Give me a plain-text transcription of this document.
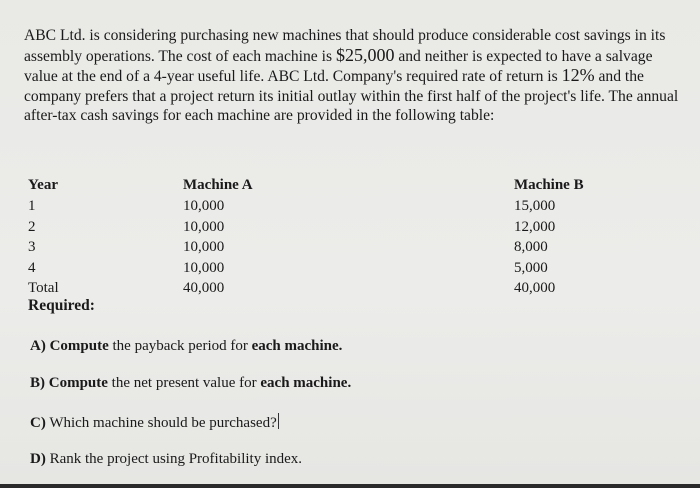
ABC Ltd. is considering purchasing new machines that should produce considerable cost savings in its assembly operations. The cost of each machine is $25,000 and neither is expected to have a salvage value at the end of a 4-year useful life. ABC Ltd. Company's required rate of return is 12% and the company prefers that a project return its initial outlay within the first half of the project's life. The annual after-tax cash savings for each machine are provided in the following table:

Year
1
2
3
4
Total
Machine A
10,000
10,000
10,000
10,000
40,000
Machine B
15,000
12,000
8,000
5,000
40,000

Required:

A) Compute the payback period for each machine.

B) Compute the net present value for each machine.

C) Which machine should be purchased?

D) Rank the project using Profitability index.
